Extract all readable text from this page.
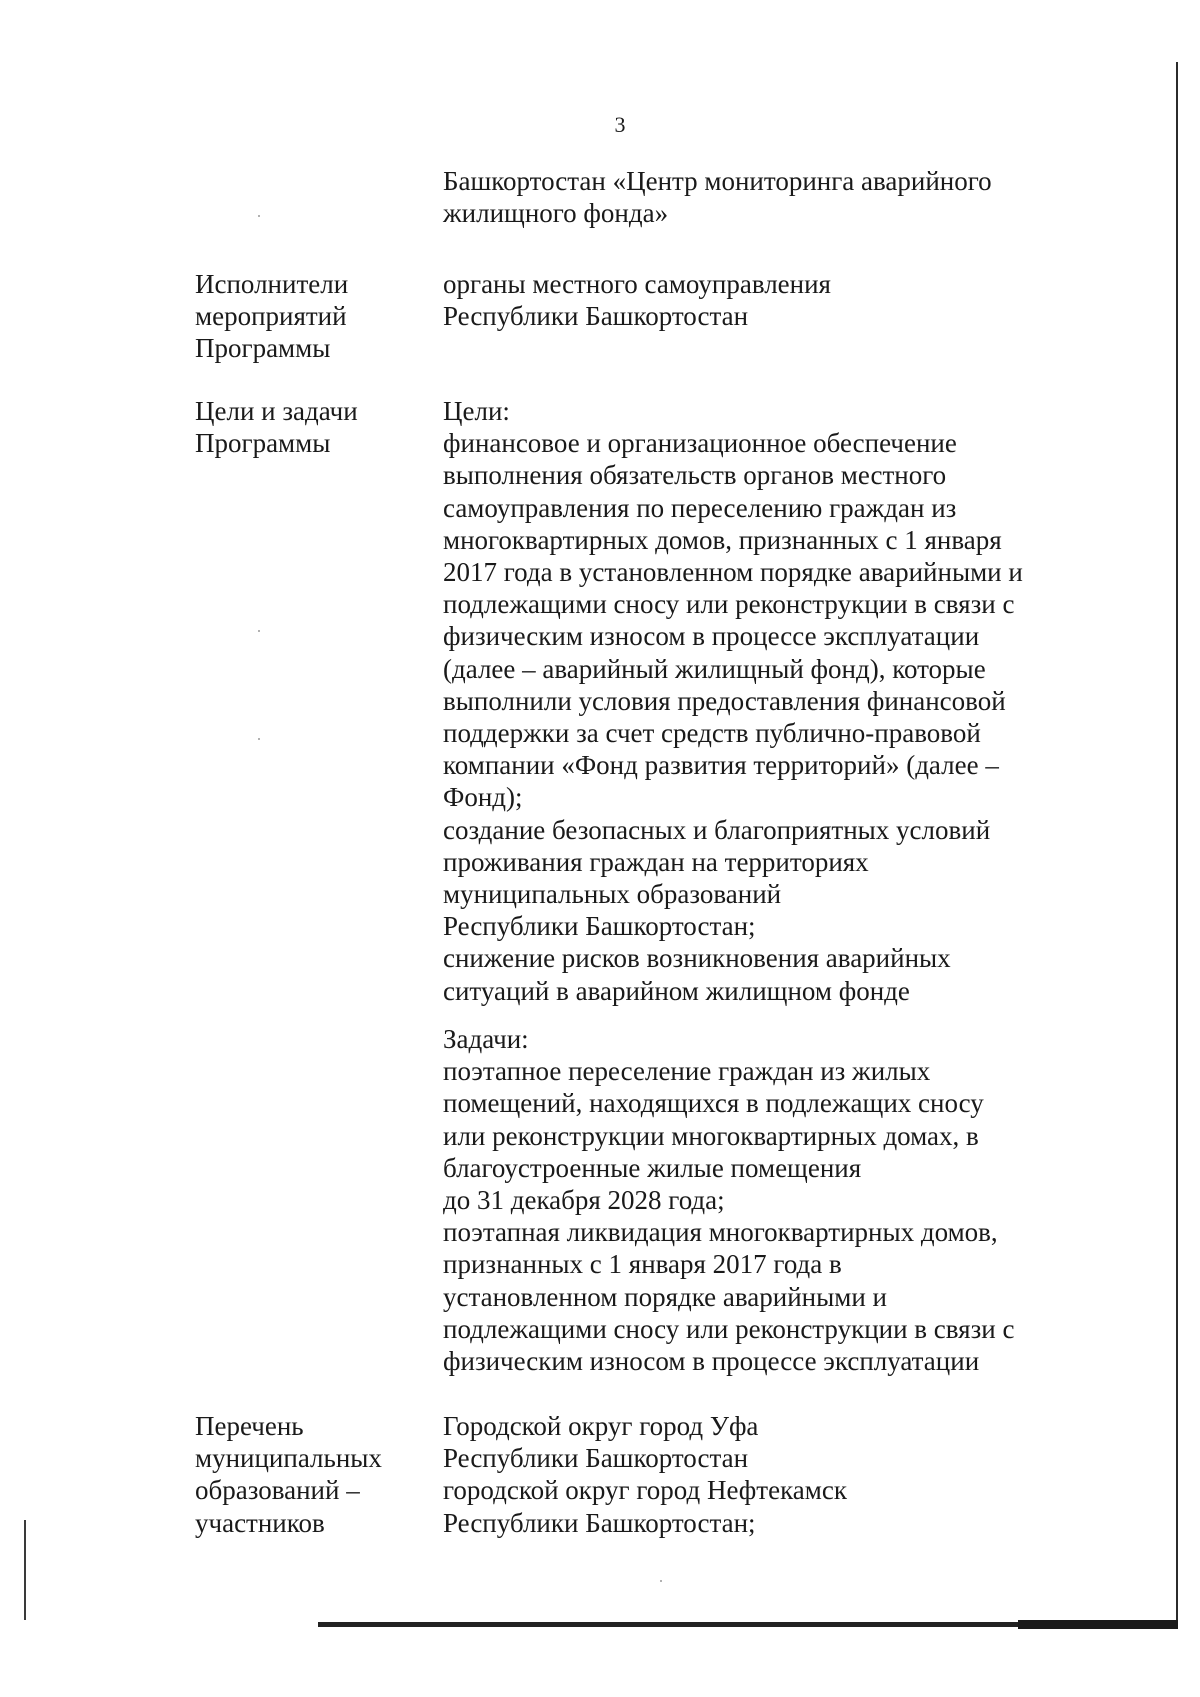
3

Башкортостан «Центр мониторинга аварийного
жилищного фонда»

Исполнители
мероприятий
Программы

органы местного самоуправления
Республики Башкортостан

Цели и задачи
Программы

Цели:
финансовое и организационное обеспечение
выполнения обязательств органов местного
самоуправления по переселению граждан из
многоквартирных домов, признанных с 1 января
2017 года в установленном порядке аварийными и
подлежащими сносу или реконструкции в связи с
физическим износом в процессе эксплуатации
(далее – аварийный жилищный фонд), которые
выполнили условия предоставления финансовой
поддержки за счет средств публично-правовой
компании «Фонд развития территорий» (далее –
Фонд);
создание безопасных и благоприятных условий
проживания граждан на территориях
муниципальных образований
Республики Башкортостан;
снижение рисков возникновения аварийных
ситуаций в аварийном жилищном фонде

Задачи:
поэтапное переселение граждан из жилых
помещений, находящихся в подлежащих сносу
или реконструкции многоквартирных домах, в
благоустроенные жилые помещения
до 31 декабря 2028 года;
поэтапная ликвидация многоквартирных домов,
признанных с 1 января 2017 года в
установленном порядке аварийными и
подлежащими сносу или реконструкции в связи с
физическим износом в процессе эксплуатации

Перечень
муниципальных
образований –
участников

Городской округ город Уфа
Республики Башкортостан
городской округ город Нефтекамск
Республики Башкортостан;
